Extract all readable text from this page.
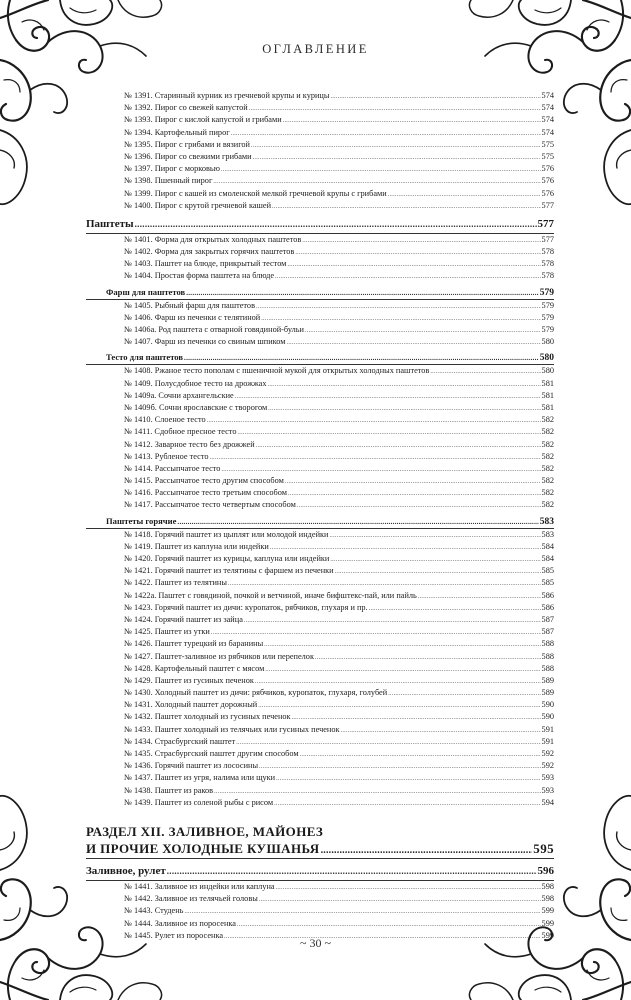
ОГЛАВЛЕНИЕ
№ 1391. Старинный курник из гречневой крупы и курицы .....	574
№ 1392. Пирог со свежей капустой .....	574
№ 1393. Пирог с кислой капустой и грибами .....	574
№ 1394. Картофельный пирог .....	574
№ 1395. Пирог с грибами и вязигой .....	575
№ 1396. Пирог со свежими грибами .....	575
№ 1397. Пирог с морковью .....	576
№ 1398. Пшенный пирог .....	576
№ 1399. Пирог с кашей из смоленской мелкой гречневой крупы с грибами .....	576
№ 1400. Пирог с крутой гречневой кашей .....	577
Паштеты .....	577
№ 1401. Форма для открытых холодных паштетов .....	577
№ 1402. Форма для закрытых горячих паштетов .....	578
№ 1403. Паштет на блюде, прикрытый тестом .....	578
№ 1404. Простая форма паштета на блюде .....	578
Фарш для паштетов .....	579
№ 1405. Рыбный фарш для паштетов .....	579
№ 1406. Фарш из печенки с телятиной .....	579
№ 1406а. Род паштета с отварной говядиной-бульи .....	579
№ 1407. Фарш из печенки со свиным шпиком .....	580
Тесто для паштетов .....	580
№ 1408. Ржаное тесто пополам с пшеничной мукой для открытых холодных паштетов .....	580
№ 1409. Полусдобное тесто на дрожжах .....	581
№ 1409а. Сочни архангельские .....	581
№ 1409б. Сочни ярославские с творогом .....	581
№ 1410. Слоеное тесто .....	582
№ 1411. Сдобное пресное тесто .....	582
№ 1412. Заварное тесто без дрожжей .....	582
№ 1413. Рубленое тесто .....	582
№ 1414. Рассыпчатое тесто .....	582
№ 1415. Рассыпчатое тесто другим способом .....	582
№ 1416. Рассыпчатое тесто третьим способом .....	582
№ 1417. Рассыпчатое тесто четвертым способом .....	582
Паштеты горячие .....	583
№ 1418. Горячий паштет из цыплят или молодой индейки .....	583
№ 1419. Паштет из каплуна или индейки .....	584
№ 1420. Горячий паштет из курицы, каплуна или индейки .....	584
№ 1421. Горячий паштет из телятины с фаршем из печенки .....	585
№ 1422. Паштет из телятины .....	585
№ 1422а. Паштет с говядиной, почкой и ветчиной, иначе бифштекс-пай, или пайль .....	586
№ 1423. Горячий паштет из дичи: куропаток, рябчиков, глухаря и пр. .....	586
№ 1424. Горячий паштет из зайца .....	587
№ 1425. Паштет из утки .....	587
№ 1426. Паштет турецкий из баранины .....	588
№ 1427. Паштет-заливное из рябчиков или перепелок .....	588
№ 1428. Картофельный паштет с мясом .....	588
№ 1429. Паштет из гусиных печенок .....	589
№ 1430. Холодный паштет из дичи: рябчиков, куропаток, глухаря, голубей .....	589
№ 1431. Холодный паштет дорожный .....	590
№ 1432. Паштет холодный из гусиных печенок .....	590
№ 1433. Паштет холодный из телячьих или гусиных печенок .....	591
№ 1434. Страсбургский паштет .....	591
№ 1435. Страсбургский паштет другим способом .....	592
№ 1436. Горячий паштет из лососины .....	592
№ 1437. Паштет из угря, налима или щуки .....	593
№ 1438. Паштет из раков .....	593
№ 1439. Паштет из соленой рыбы с рисом .....	594
РАЗДЕЛ XII. ЗАЛИВНОЕ, МАЙОНЕЗ
И ПРОЧИЕ ХОЛОДНЫЕ КУШАНЬЯ .....	595
Заливное, рулет .....	596
№ 1441. Заливное из индейки или каплуна .....	598
№ 1442. Заливное из телячьей головы .....	598
№ 1443. Студень .....	599
№ 1444. Заливное из поросенка .....	599
№ 1445. Рулет из поросенка .....	599
~ 30 ~
